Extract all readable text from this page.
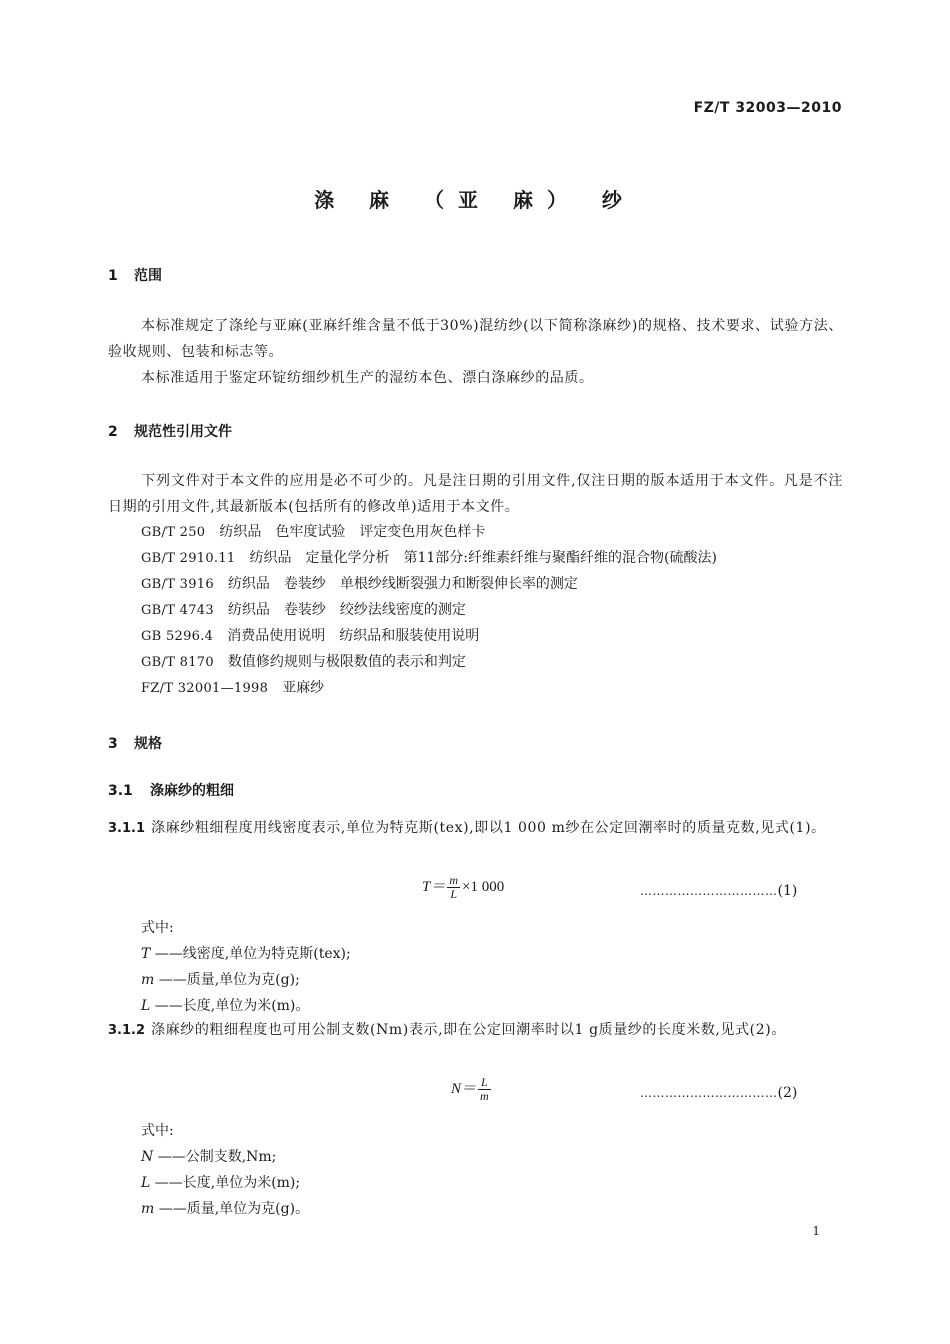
FZ/T 32003—2010
涤 麻 （亚 麻） 纱
1 范围
本标准规定了涤纶与亚麻(亚麻纤维含量不低于30%)混纺纱(以下简称涤麻纱)的规格、技术要求、试验方法、验收规则、包装和标志等。
本标准适用于鉴定环锭纺细纱机生产的湿纺本色、漂白涤麻纱的品质。
2 规范性引用文件
下列文件对于本文件的应用是必不可少的。凡是注日期的引用文件,仅注日期的版本适用于本文件。凡是不注日期的引用文件,其最新版本(包括所有的修改单)适用于本文件。
GB/T 250　 纺织品　色牢度试验　评定变色用灰色样卡
GB/T 2910.11　 纺织品　定量化学分析　第11部分:纤维素纤维与聚酯纤维的混合物(硫酸法)
GB/T 3916　 纺织品　卷装纱　单根纱线断裂强力和断裂伸长率的测定
GB/T 4743　 纺织品　卷装纱　绞纱法线密度的测定
GB 5296.4　 消费品使用说明　纺织品和服装使用说明
GB/T 8170　 数值修约规则与极限数值的表示和判定
FZ/T 32001—1998　 亚麻纱
3 规格
3.1 涤麻纱的粗细
3.1.1 涤麻纱粗细程度用线密度表示,单位为特克斯(tex),即以1 000 m纱在公定回潮率时的质量克数,见式(1)。
$T= \frac{m}{L} \times 1$ 000	……………………………(1)
式中:
T ——线密度,单位为特克斯(tex);
m ——质量,单位为克(g);
L ——长度,单位为米(m)。
3.1.2 涤麻纱的粗细程度也可用公制支数(Nm)表示,即在公定回潮率时以1 g质量纱的长度米数,见式(2)。
$N= \frac{L}{m}$	……………………………(2)
式中:
N ——公制支数,Nm;
L ——长度,单位为米(m);
m ——质量,单位为克(g)。
1
